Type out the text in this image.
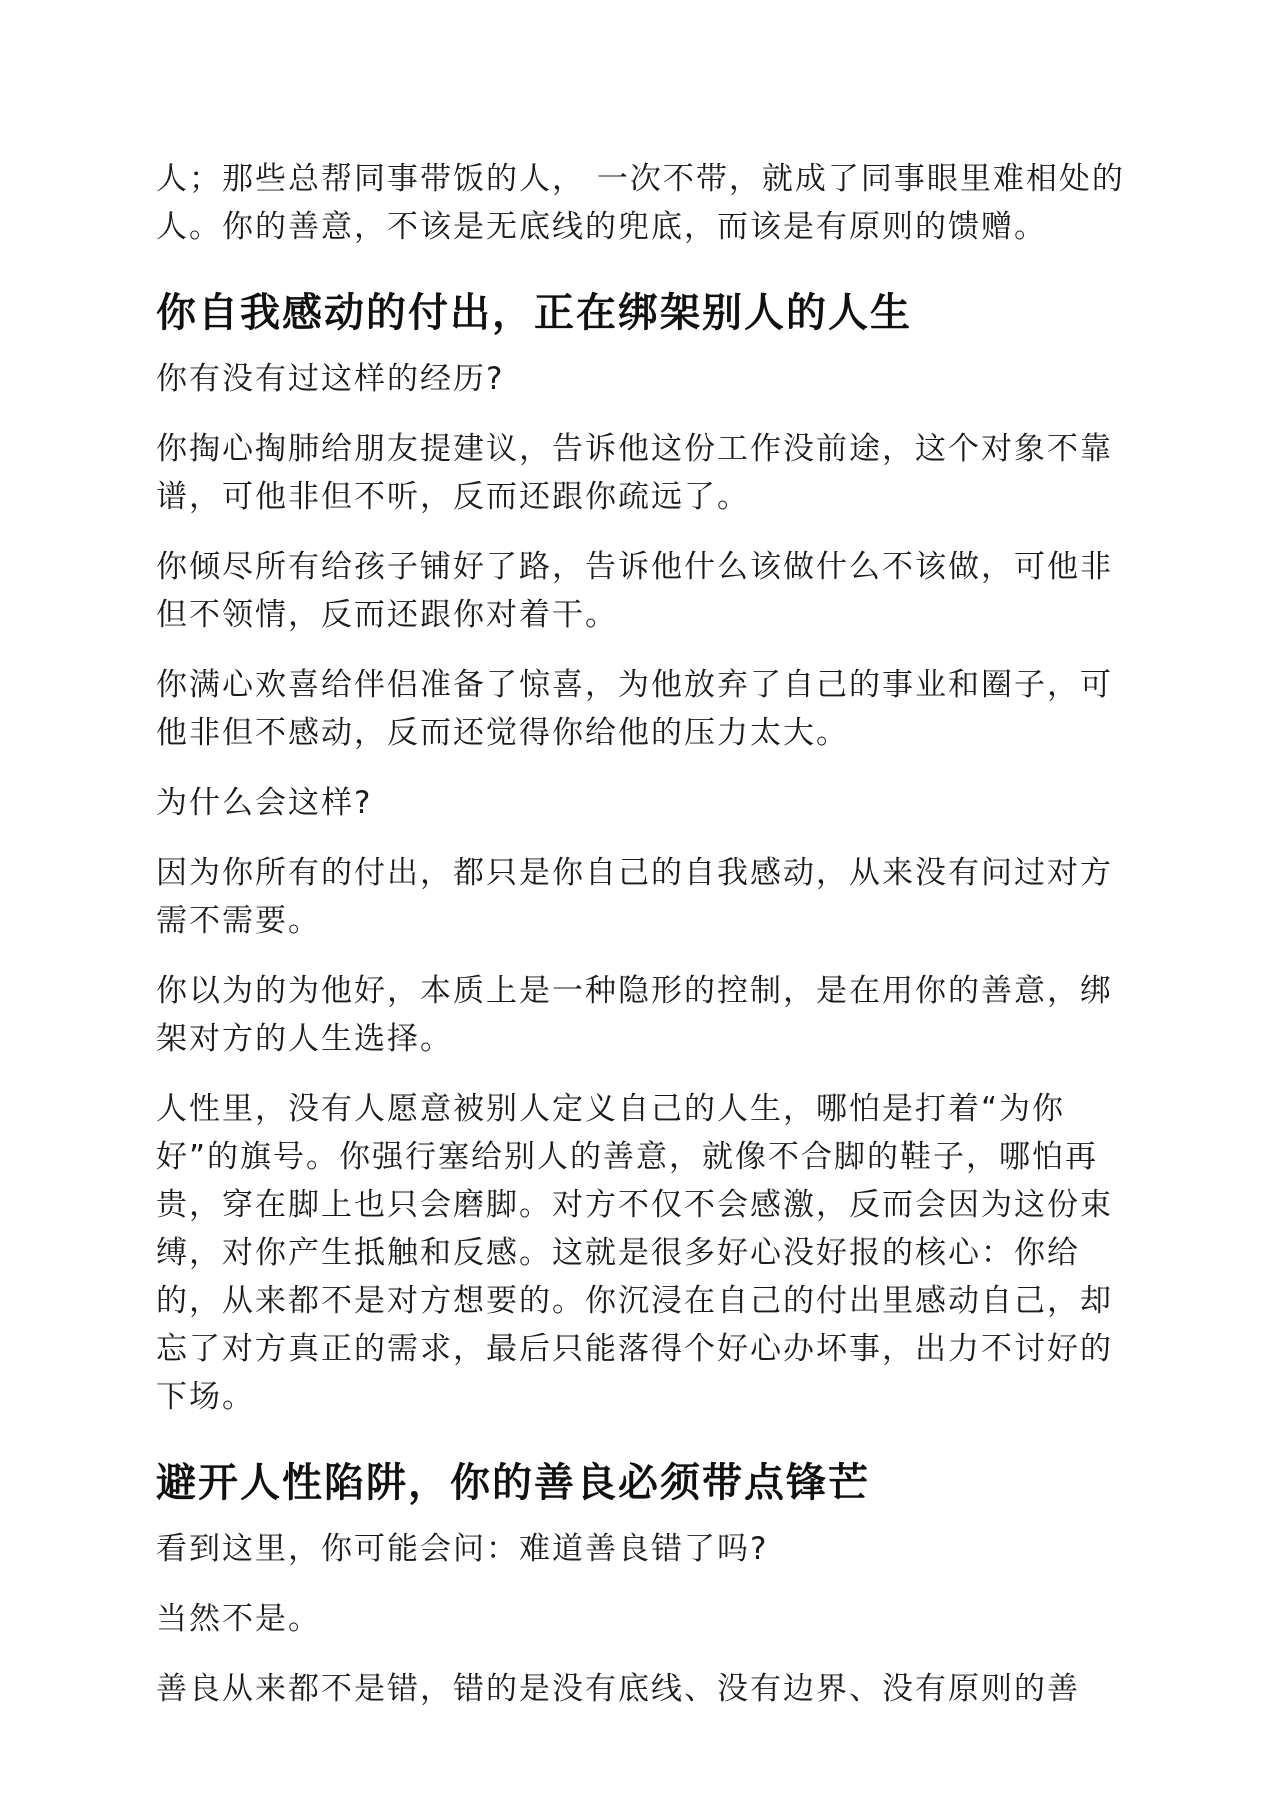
人；那些总帮同事带饭的人， 一次不带，就成了同事眼里难相处的人。你的善意，不该是无底线的兜底，而该是有原则的馈赠。

你自我感动的付出，正在绑架别人的人生

你有没有过这样的经历?

你掏心掏肺给朋友提建议，告诉他这份工作没前途，这个对象不靠谱，可他非但不听，反而还跟你疏远了。

你倾尽所有给孩子铺好了路，告诉他什么该做什么不该做，可他非但不领情，反而还跟你对着干。

你满心欢喜给伴侣准备了惊喜，为他放弃了自己的事业和圈子，可他非但不感动，反而还觉得你给他的压力太大。

为什么会这样?

因为你所有的付出，都只是你自己的自我感动，从来没有问过对方需不需要。

你以为的为他好，本质上是一种隐形的控制，是在用你的善意，绑架对方的人生选择。

人性里，没有人愿意被别人定义自己的人生，哪怕是打着“为你好”的旗号。你强行塞给别人的善意，就像不合脚的鞋子，哪怕再贵，穿在脚上也只会磨脚。对方不仅不会感激，反而会因为这份束缚，对你产生抵触和反感。这就是很多好心没好报的核心：你给的，从来都不是对方想要的。你沉浸在自己的付出里感动自己，却忘了对方真正的需求，最后只能落得个好心办坏事，出力不讨好的下场。

避开人性陷阱，你的善良必须带点锋芒

看到这里，你可能会问：难道善良错了吗?

当然不是。

善良从来都不是错，错的是没有底线、没有边界、没有原则的善
